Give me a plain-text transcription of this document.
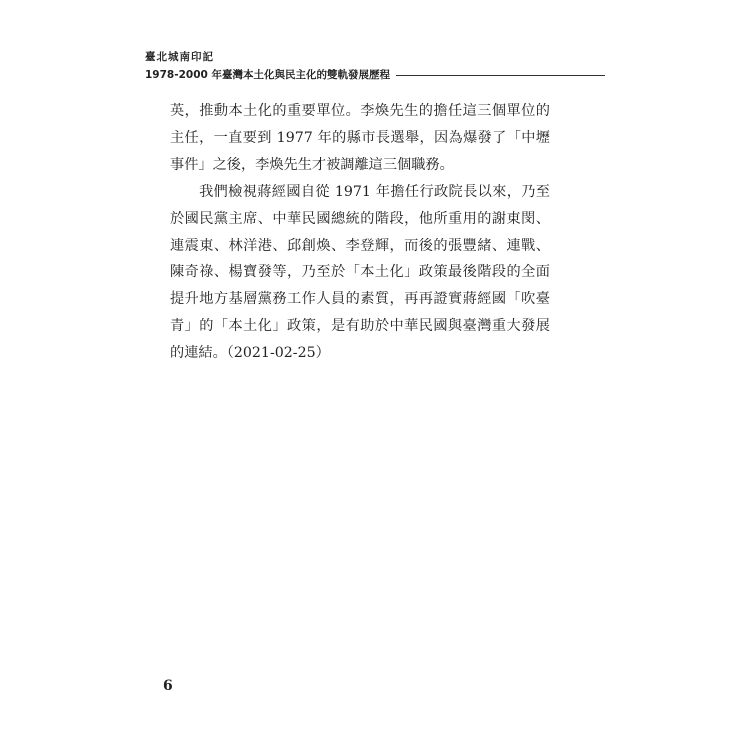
臺北城南印記
1978-2000 年臺灣本土化與民主化的雙軌發展歷程
英，推動本土化的重要單位。李煥先生的擔任這三個單位的
主任，一直要到 1977 年的縣市長選舉，因為爆發了「中壢
事件」之後，李煥先生才被調離這三個職務。
　　我們檢視蔣經國自從 1971 年擔任行政院長以來，乃至
於國民黨主席、中華民國總統的階段，他所重用的謝東閔、
連震東、林洋港、邱創煥、李登輝，而後的張豐緒、連戰、
陳奇祿、楊寶發等，乃至於「本土化」政策最後階段的全面
提升地方基層黨務工作人員的素質，再再證實蔣經國「吹臺
青」的「本土化」政策，是有助於中華民國與臺灣重大發展
的連結。（2021-02-25）
6
